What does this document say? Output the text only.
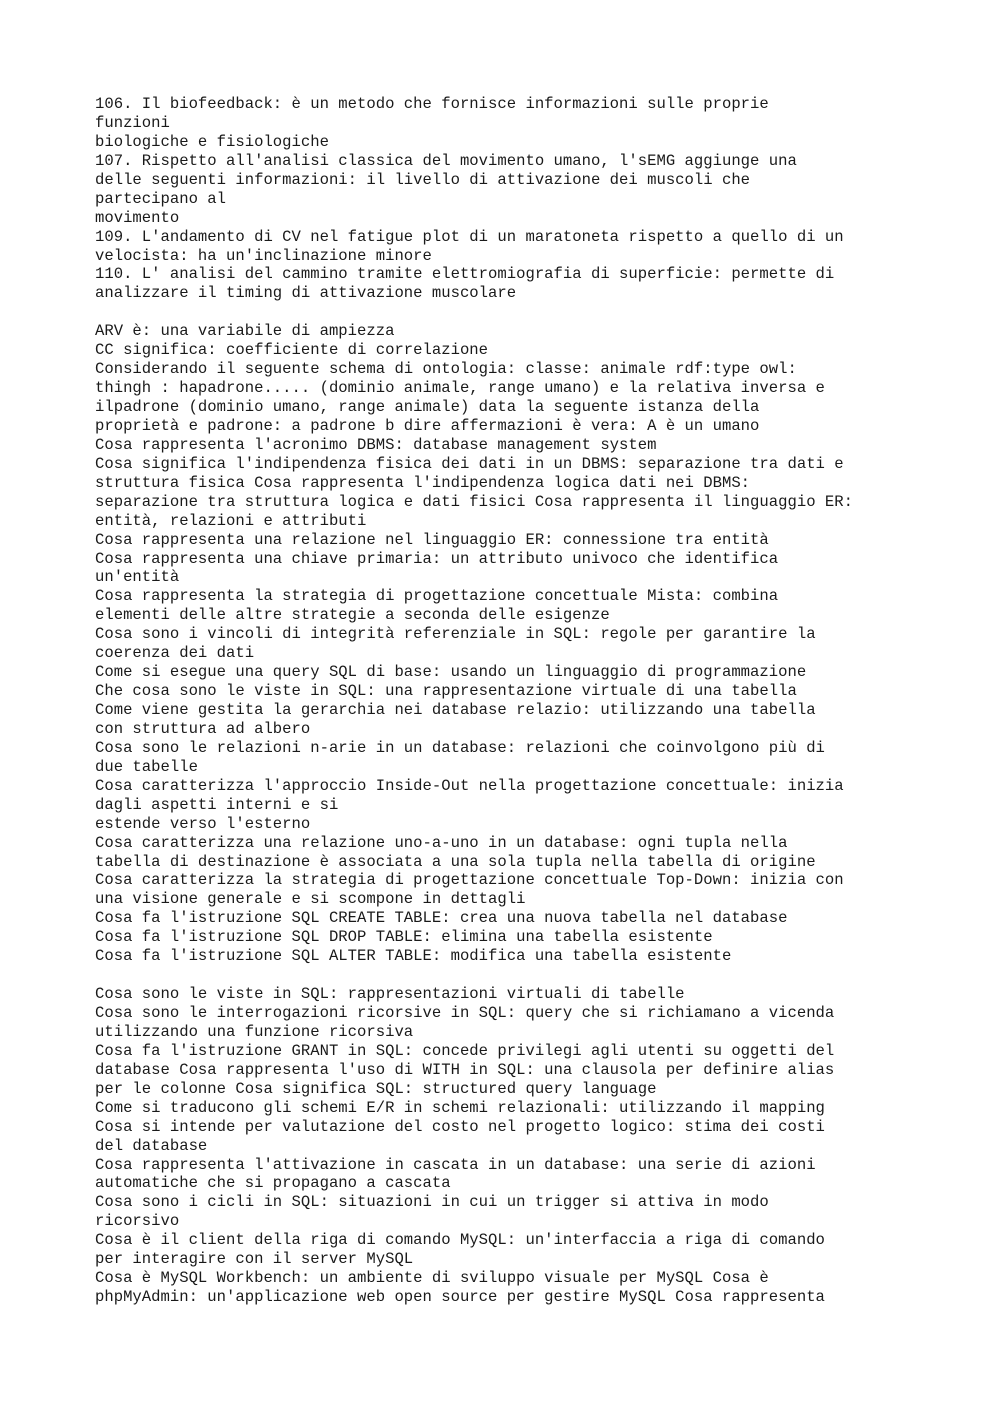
106. Il biofeedback: è un metodo che fornisce informazioni sulle proprie
funzioni
biologiche e fisiologiche
107. Rispetto all'analisi classica del movimento umano, l'sEMG aggiunge una
delle seguenti informazioni: il livello di attivazione dei muscoli che
partecipano al
movimento
109. L'andamento di CV nel fatigue plot di un maratoneta rispetto a quello di un
velocista: ha un'inclinazione minore
110. L' analisi del cammino tramite elettromiografia di superficie: permette di
analizzare il timing di attivazione muscolare
ARV è: una variabile di ampiezza
CC significa: coefficiente di correlazione
Considerando il seguente schema di ontologia: classe: animale rdf:type owl:
thingh : hapadrone..... (dominio animale, range umano) e la relativa inversa e
ilpadrone (dominio umano, range animale) data la seguente istanza della
proprietà e padrone: a padrone b dire affermazioni è vera: A è un umano
Cosa rappresenta l'acronimo DBMS: database management system
Cosa significa l'indipendenza fisica dei dati in un DBMS: separazione tra dati e
struttura fisica Cosa rappresenta l'indipendenza logica dati nei DBMS:
separazione tra struttura logica e dati fisici Cosa rappresenta il linguaggio ER:
entità, relazioni e attributi
Cosa rappresenta una relazione nel linguaggio ER: connessione tra entità
Cosa rappresenta una chiave primaria: un attributo univoco che identifica
un'entità
Cosa rappresenta la strategia di progettazione concettuale Mista: combina
elementi delle altre strategie a seconda delle esigenze
Cosa sono i vincoli di integrità referenziale in SQL: regole per garantire la
coerenza dei dati
Come si esegue una query SQL di base: usando un linguaggio di programmazione
Che cosa sono le viste in SQL: una rappresentazione virtuale di una tabella
Come viene gestita la gerarchia nei database relazio: utilizzando una tabella
con struttura ad albero
Cosa sono le relazioni n-arie in un database: relazioni che coinvolgono più di
due tabelle
Cosa caratterizza l'approccio Inside-Out nella progettazione concettuale: inizia
dagli aspetti interni e si
estende verso l'esterno
Cosa caratterizza una relazione uno-a-uno in un database: ogni tupla nella
tabella di destinazione è associata a una sola tupla nella tabella di origine
Cosa caratterizza la strategia di progettazione concettuale Top-Down: inizia con
una visione generale e si scompone in dettagli
Cosa fa l'istruzione SQL CREATE TABLE: crea una nuova tabella nel database
Cosa fa l'istruzione SQL DROP TABLE: elimina una tabella esistente
Cosa fa l'istruzione SQL ALTER TABLE: modifica una tabella esistente
Cosa sono le viste in SQL: rappresentazioni virtuali di tabelle
Cosa sono le interrogazioni ricorsive in SQL: query che si richiamano a vicenda
utilizzando una funzione ricorsiva
Cosa fa l'istruzione GRANT in SQL: concede privilegi agli utenti su oggetti del
database Cosa rappresenta l'uso di WITH in SQL: una clausola per definire alias
per le colonne Cosa significa SQL: structured query language
Come si traducono gli schemi E/R in schemi relazionali: utilizzando il mapping
Cosa si intende per valutazione del costo nel progetto logico: stima dei costi
del database
Cosa rappresenta l'attivazione in cascata in un database: una serie di azioni
automatiche che si propagano a cascata
Cosa sono i cicli in SQL: situazioni in cui un trigger si attiva in modo
ricorsivo
Cosa è il client della riga di comando MySQL: un'interfaccia a riga di comando
per interagire con il server MySQL
Cosa è MySQL Workbench: un ambiente di sviluppo visuale per MySQL Cosa è
phpMyAdmin: un'applicazione web open source per gestire MySQL Cosa rappresenta
